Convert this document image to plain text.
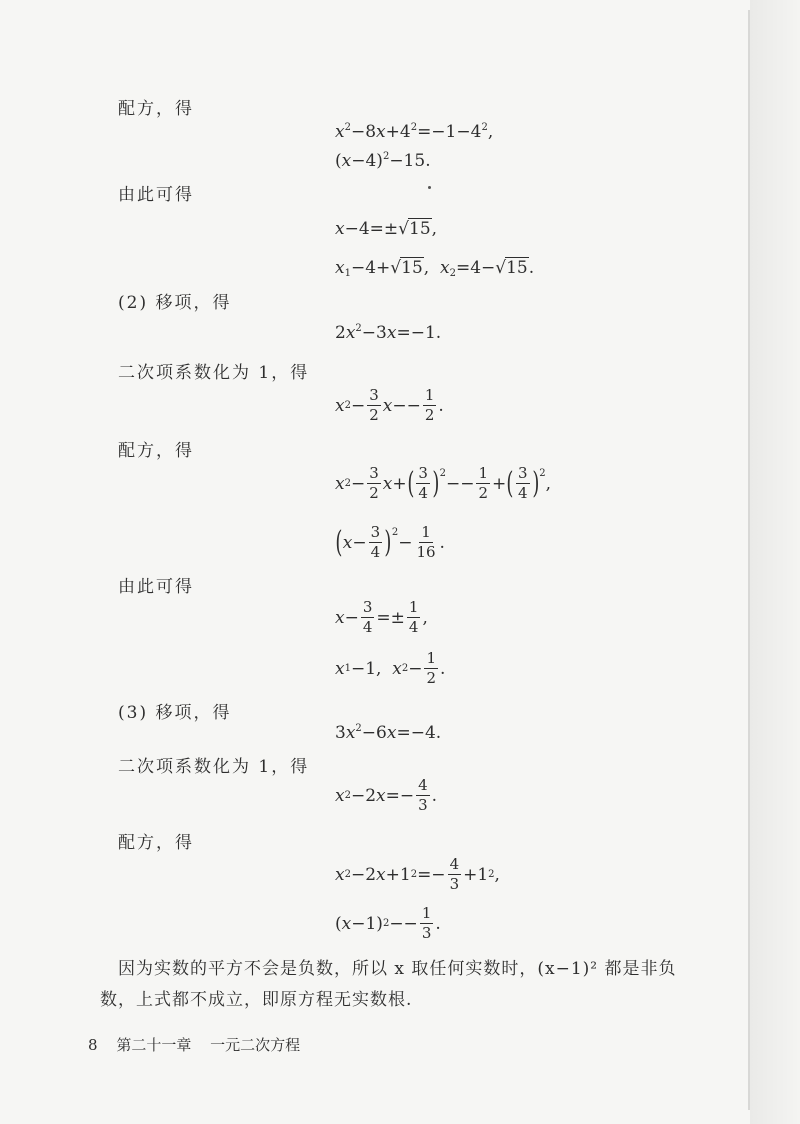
配方，得
$x^2-8x+4^2=-1-4^2$,
$(x-4)^2-15$.
由此可得
x−4=±√ 15 ,
$x_1-4+√$ 15 ,  $x_2=4-√$ 15 .
(2) 移项，得
$2x^2-3x=-1$.
二次项系数化为 1，得
x $2 - \frac{3}{2}$ $x -- \frac{1}{2}$ .
配方，得
x $2 - \frac{3}{2}$ x + ( $\frac{3}{4}$ ) $2 -- \frac{1}{2}$ + ( $\frac{3}{4}$ ) 2 ,
( $x - \frac{3}{4}$ ) $2 - \frac{1}{16}$ .
由此可得
$x - \frac{3}{4} =\pm \frac{1}{4}$ ,
x 1 −1, x $2 - \frac{1}{2}$ .
(3) 移项，得
$3x^2-6x=-4$.
二次项系数化为 1，得
x 2 −2 $x =- \frac{4}{3}$ .
配方，得
x 2 −2 x +1 $2 =- \frac{4}{3} +1$ 2 ,
( x −1) $2 -- \frac{1}{3}$ .
因为实数的平方不会是负数，所以 x 取任何实数时，(x−1)² 都是非负
数，上式都不成立，即原方程无实数根.
8 第二十一章 一元二次方程
